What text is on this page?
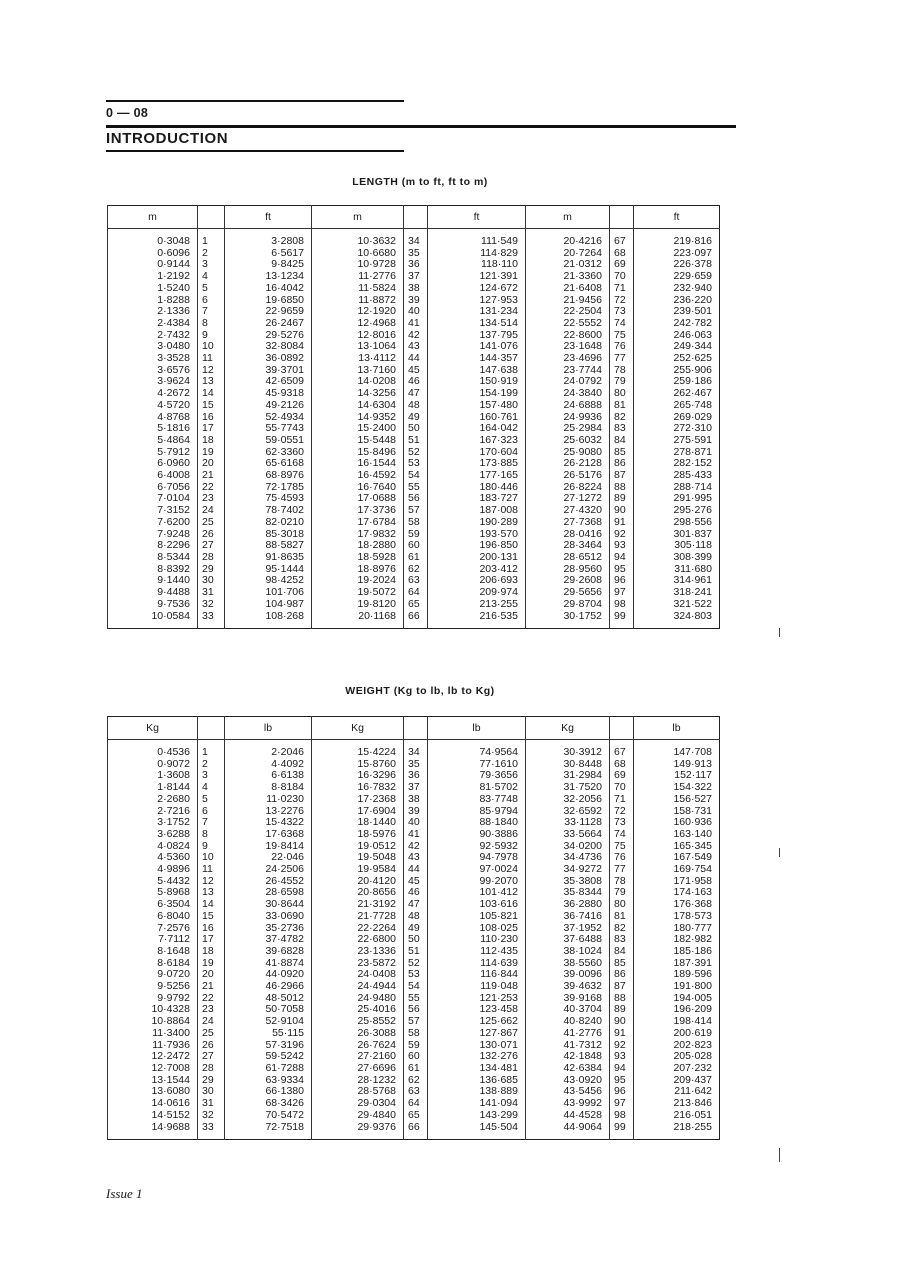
0 — 08
INTRODUCTION
LENGTH (m to ft, ft to m)
m		ft	m		ft	m		ft
0·3048	1	3·2808	10·3632	34	111·549	20·4216	67	219·816
0·6096	2	6·5617	10·6680	35	114·829	20·7264	68	223·097
0·9144	3	9·8425	10·9728	36	118·110	21·0312	69	226·378
1·2192	4	13·1234	11·2776	37	121·391	21·3360	70	229·659
1·5240	5	16·4042	11·5824	38	124·672	21·6408	71	232·940
1·8288	6	19·6850	11·8872	39	127·953	21·9456	72	236·220
2·1336	7	22·9659	12·1920	40	131·234	22·2504	73	239·501
2·4384	8	26·2467	12·4968	41	134·514	22·5552	74	242·782
2·7432	9	29·5276	12·8016	42	137·795	22·8600	75	246·063
3·0480	10	32·8084	13·1064	43	141·076	23·1648	76	249·344
3·3528	11	36·0892	13·4112	44	144·357	23·4696	77	252·625
3·6576	12	39·3701	13·7160	45	147·638	23·7744	78	255·906
3·9624	13	42·6509	14·0208	46	150·919	24·0792	79	259·186
4·2672	14	45·9318	14·3256	47	154·199	24·3840	80	262·467
4·5720	15	49·2126	14·6304	48	157·480	24·6888	81	265·748
4·8768	16	52·4934	14·9352	49	160·761	24·9936	82	269·029
5·1816	17	55·7743	15·2400	50	164·042	25·2984	83	272·310
5·4864	18	59·0551	15·5448	51	167·323	25·6032	84	275·591
5·7912	19	62·3360	15·8496	52	170·604	25·9080	85	278·871
6·0960	20	65·6168	16·1544	53	173·885	26·2128	86	282·152
6·4008	21	68·8976	16·4592	54	177·165	26·5176	87	285·433
6·7056	22	72·1785	16·7640	55	180·446	26·8224	88	288·714
7·0104	23	75·4593	17·0688	56	183·727	27·1272	89	291·995
7·3152	24	78·7402	17·3736	57	187·008	27·4320	90	295·276
7·6200	25	82·0210	17·6784	58	190·289	27·7368	91	298·556
7·9248	26	85·3018	17·9832	59	193·570	28·0416	92	301·837
8·2296	27	88·5827	18·2880	60	196·850	28·3464	93	305·118
8·5344	28	91·8635	18·5928	61	200·131	28·6512	94	308·399
8·8392	29	95·1444	18·8976	62	203·412	28·9560	95	311·680
9·1440	30	98·4252	19·2024	63	206·693	29·2608	96	314·961
9·4488	31	101·706	19·5072	64	209·974	29·5656	97	318·241
9·7536	32	104·987	19·8120	65	213·255	29·8704	98	321·522
10·0584	33	108·268	20·1168	66	216·535	30·1752	99	324·803
WEIGHT (Kg to lb, lb to Kg)
Kg		lb	Kg		lb	Kg		lb
0·4536	1	2·2046	15·4224	34	74·9564	30·3912	67	147·708
0·9072	2	4·4092	15·8760	35	77·1610	30·8448	68	149·913
1·3608	3	6·6138	16·3296	36	79·3656	31·2984	69	152·117
1·8144	4	8·8184	16·7832	37	81·5702	31·7520	70	154·322
2·2680	5	11·0230	17·2368	38	83·7748	32·2056	71	156·527
2·7216	6	13·2276	17·6904	39	85·9794	32·6592	72	158·731
3·1752	7	15·4322	18·1440	40	88·1840	33·1128	73	160·936
3·6288	8	17·6368	18·5976	41	90·3886	33·5664	74	163·140
4·0824	9	19·8414	19·0512	42	92·5932	34·0200	75	165·345
4·5360	10	22·046	19·5048	43	94·7978	34·4736	76	167·549
4·9896	11	24·2506	19·9584	44	97·0024	34·9272	77	169·754
5·4432	12	26·4552	20·4120	45	99·2070	35·3808	78	171·958
5·8968	13	28·6598	20·8656	46	101·412	35·8344	79	174·163
6·3504	14	30·8644	21·3192	47	103·616	36·2880	80	176·368
6·8040	15	33·0690	21·7728	48	105·821	36·7416	81	178·573
7·2576	16	35·2736	22·2264	49	108·025	37·1952	82	180·777
7·7112	17	37·4782	22·6800	50	110·230	37·6488	83	182·982
8·1648	18	39·6828	23·1336	51	112·435	38·1024	84	185·186
8·6184	19	41·8874	23·5872	52	114·639	38·5560	85	187·391
9·0720	20	44·0920	24·0408	53	116·844	39·0096	86	189·596
9·5256	21	46·2966	24·4944	54	119·048	39·4632	87	191·800
9·9792	22	48·5012	24·9480	55	121·253	39·9168	88	194·005
10·4328	23	50·7058	25·4016	56	123·458	40·3704	89	196·209
10·8864	24	52·9104	25·8552	57	125·662	40·8240	90	198·414
11·3400	25	55·115	26·3088	58	127·867	41·2776	91	200·619
11·7936	26	57·3196	26·7624	59	130·071	41·7312	92	202·823
12·2472	27	59·5242	27·2160	60	132·276	42·1848	93	205·028
12·7008	28	61·7288	27·6696	61	134·481	42·6384	94	207·232
13·1544	29	63·9334	28·1232	62	136·685	43·0920	95	209·437
13·6080	30	66·1380	28·5768	63	138·889	43·5456	96	211·642
14·0616	31	68·3426	29·0304	64	141·094	43·9992	97	213·846
14·5152	32	70·5472	29·4840	65	143·299	44·4528	98	216·051
14·9688	33	72·7518	29·9376	66	145·504	44·9064	99	218·255
Issue 1
